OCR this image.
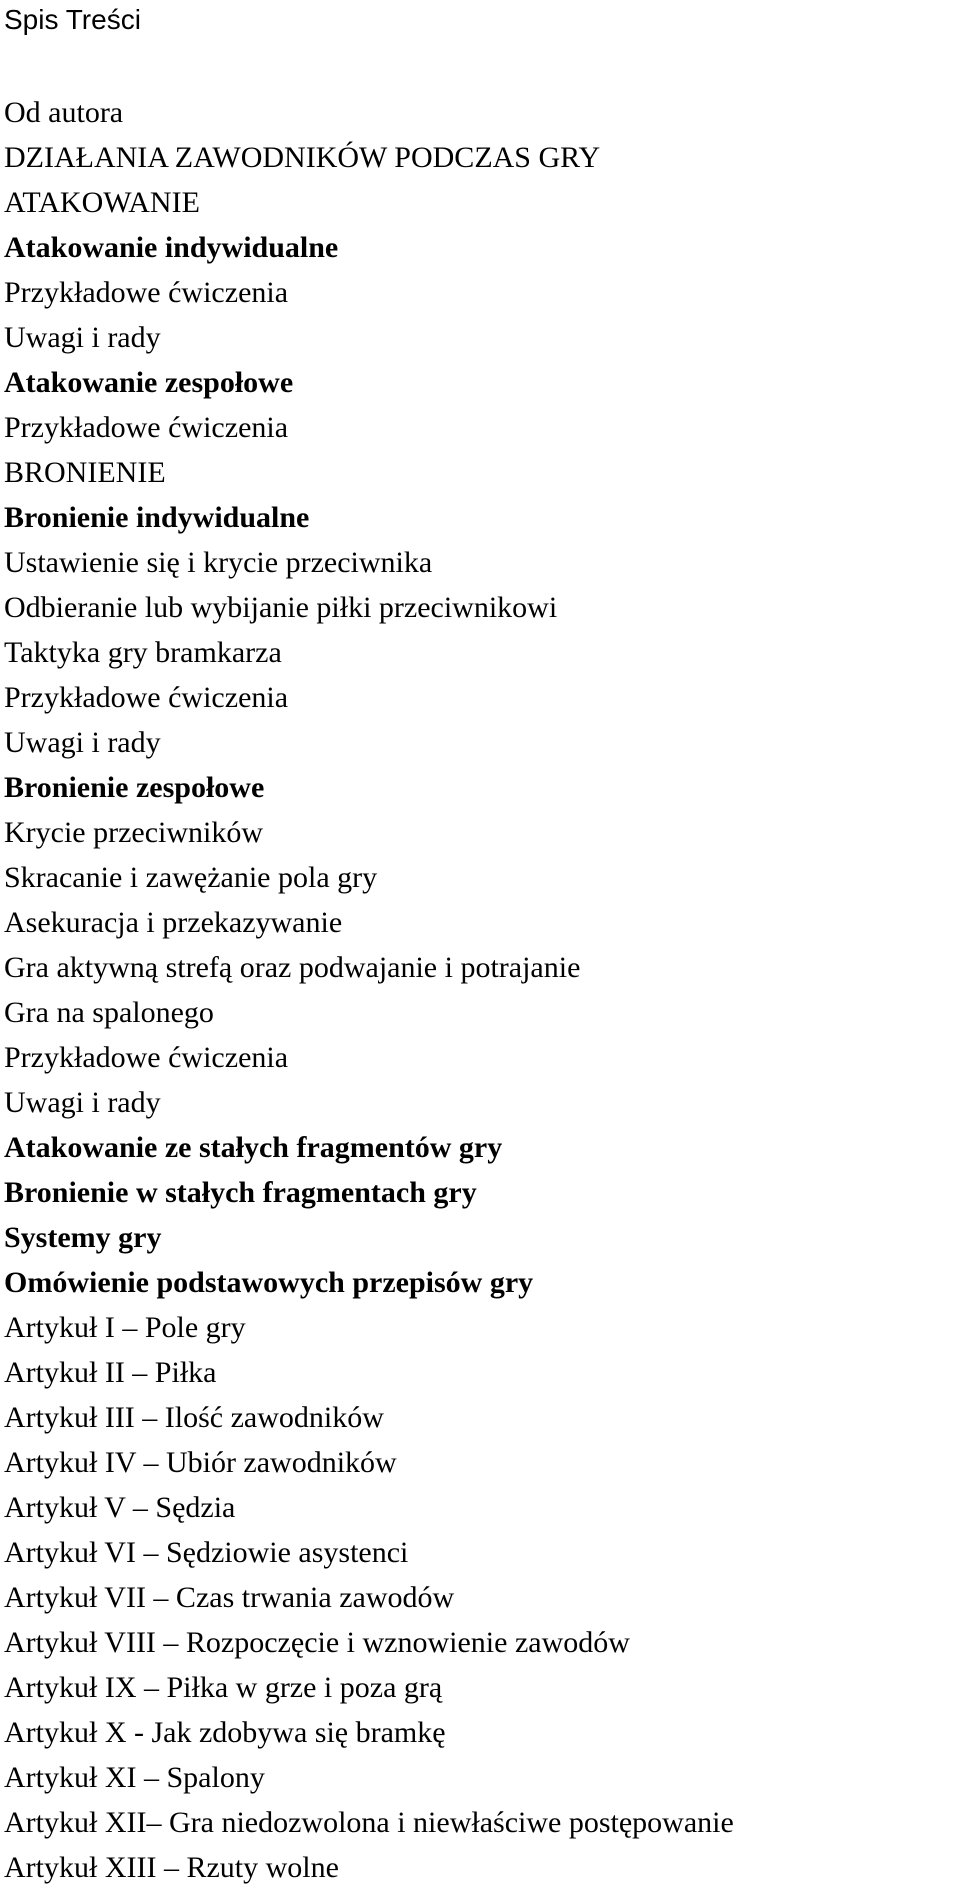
Spis Treści
Od autora
DZIAŁANIA ZAWODNIKÓW PODCZAS GRY
ATAKOWANIE
Atakowanie indywidualne
Przykładowe ćwiczenia
Uwagi i rady
Atakowanie zespołowe
Przykładowe ćwiczenia
BRONIENIE
Bronienie indywidualne
Ustawienie się i krycie przeciwnika
Odbieranie lub wybijanie piłki przeciwnikowi
Taktyka gry bramkarza
Przykładowe ćwiczenia
Uwagi i rady
Bronienie zespołowe
Krycie przeciwników
Skracanie i zawężanie pola gry
Asekuracja i przekazywanie
Gra aktywną strefą oraz podwajanie i potrajanie
Gra na spalonego
Przykładowe ćwiczenia
Uwagi i rady
Atakowanie ze stałych fragmentów gry
Bronienie w stałych fragmentach gry
Systemy gry
Omówienie podstawowych przepisów gry
Artykuł I – Pole gry
Artykuł II – Piłka
Artykuł III – Ilość zawodników
Artykuł IV – Ubiór zawodników
Artykuł V – Sędzia
Artykuł VI – Sędziowie asystenci
Artykuł VII – Czas trwania zawodów
Artykuł VIII – Rozpoczęcie i wznowienie zawodów
Artykuł IX – Piłka w grze i poza grą
Artykuł X - Jak zdobywa się bramkę
Artykuł XI – Spalony
Artykuł XII– Gra niedozwolona i niewłaściwe postępowanie
Artykuł XIII – Rzuty wolne
